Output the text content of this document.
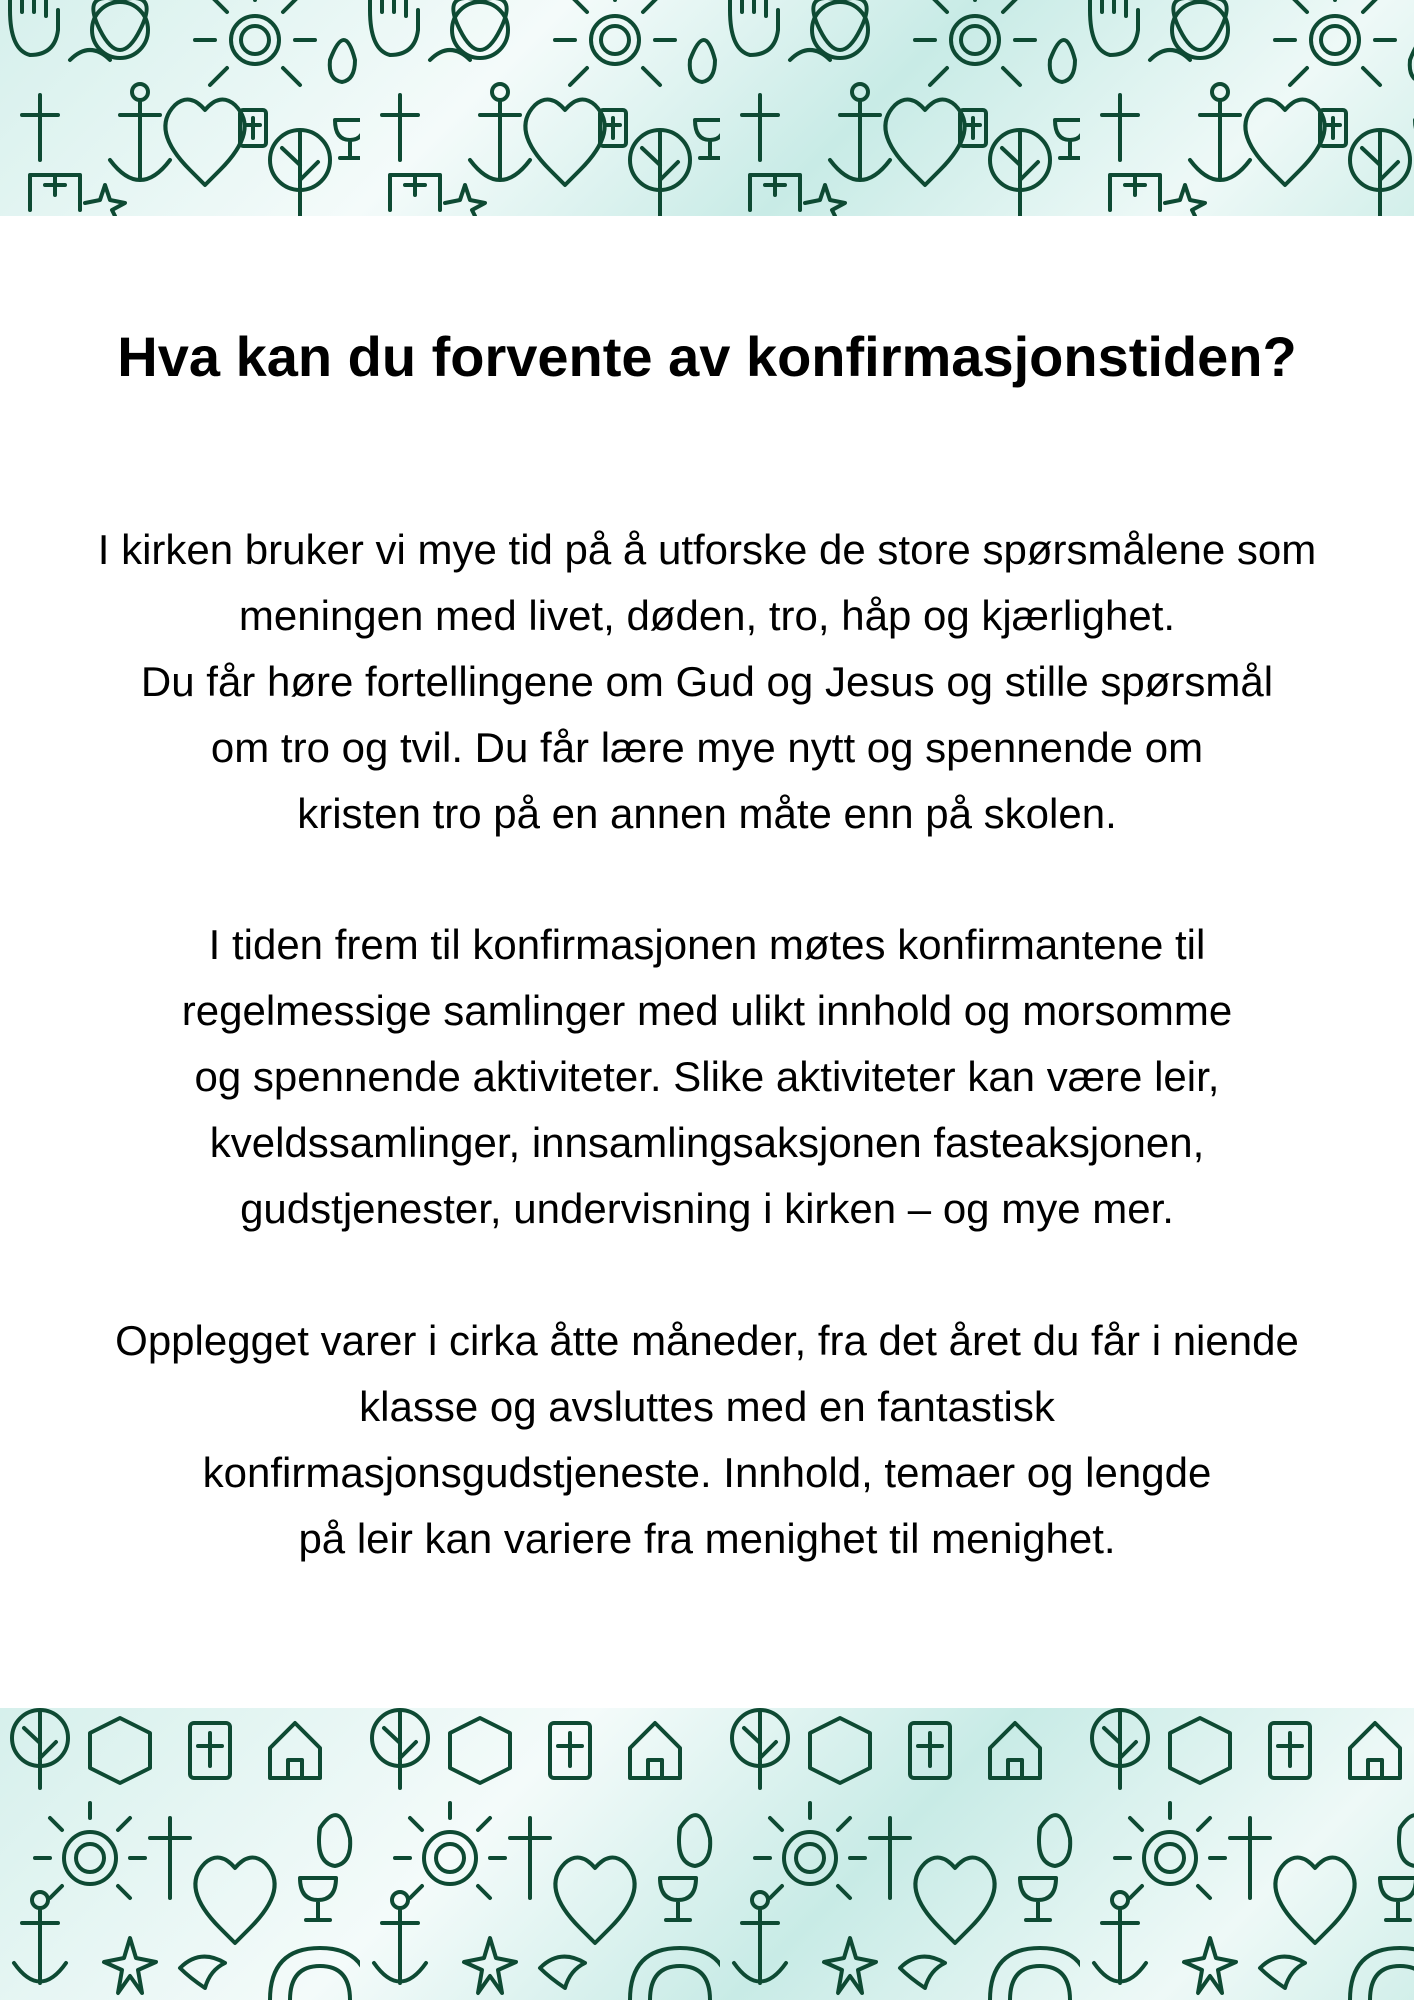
Hva kan du forvente av konfirmasjonstiden?

I kirken bruker vi mye tid på å utforske de store spørsmålene som
meningen med livet, døden, tro, håp og kjærlighet.
Du får høre fortellingene om Gud og Jesus og stille spørsmål
om tro og tvil. Du får lære mye nytt og spennende om
kristen tro på en annen måte enn på skolen.

I tiden frem til konfirmasjonen møtes konfirmantene til
regelmessige samlinger med ulikt innhold og morsomme
og spennende aktiviteter. Slike aktiviteter kan være leir,
kveldssamlinger, innsamlingsaksjonen fasteaksjonen,
gudstjenester, undervisning i kirken – og mye mer.

Opplegget varer i cirka åtte måneder, fra det året du får i niende
klasse og avsluttes med en fantastisk
konfirmasjonsgudstjeneste. Innhold, temaer og lengde
på leir kan variere fra menighet til menighet.
